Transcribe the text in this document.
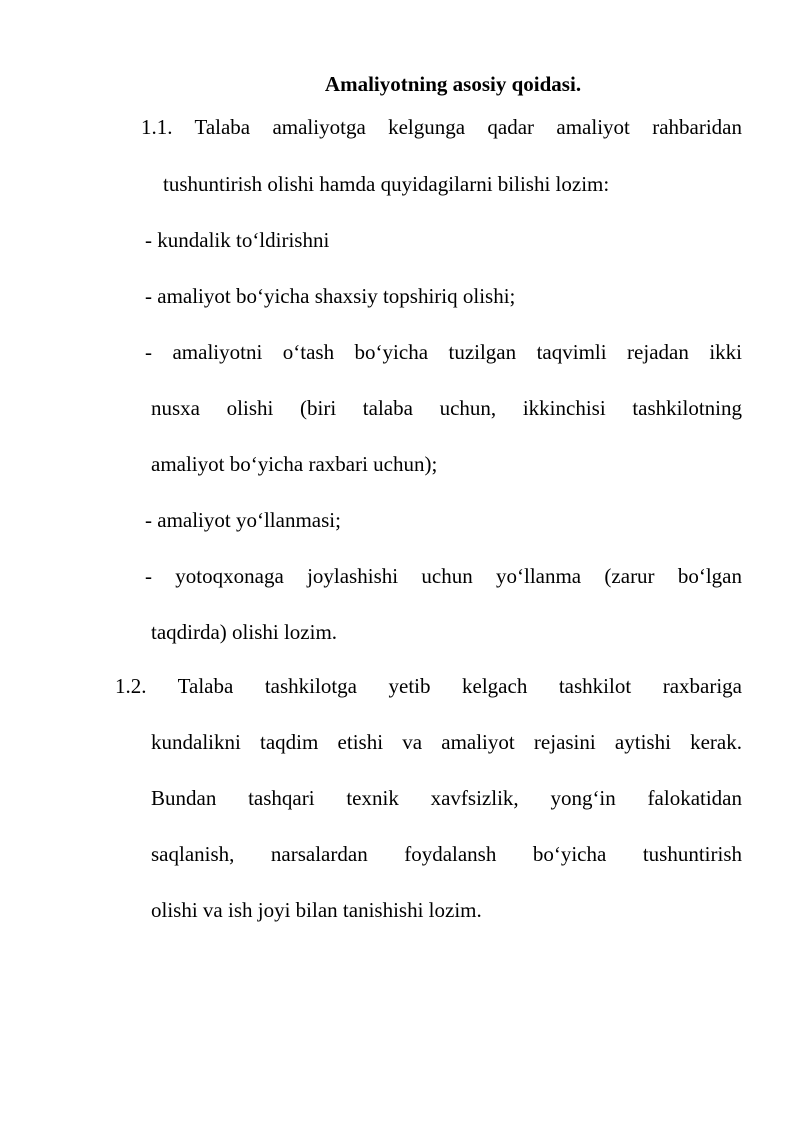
Amaliyotning asosiy qoidasi.
1.1. Talaba amaliyotga kelgunga qadar amaliyot rahbaridan
tushuntirish olishi hamda quyidagilarni bilishi lozim:
- kundalik to‘ldirishni
- amaliyot bo‘yicha shaxsiy topshiriq olishi;
- amaliyotni o‘tash bo‘yicha tuzilgan taqvimli rejadan ikki
nusxa olishi (biri talaba uchun, ikkinchisi tashkilotning
amaliyot bo‘yicha raxbari uchun);
- amaliyot yo‘llanmasi;
- yotoqxonaga joylashishi uchun yo‘llanma (zarur bo‘lgan
taqdirda) olishi lozim.
1.2. Talaba tashkilotga yetib kelgach tashkilot raxbariga
kundalikni taqdim etishi va amaliyot rejasini aytishi kerak.
Bundan tashqari texnik xavfsizlik, yong‘in falokatidan
saqlanish, narsalardan foydalansh bo‘yicha tushuntirish
olishi va ish joyi bilan tanishishi lozim.
